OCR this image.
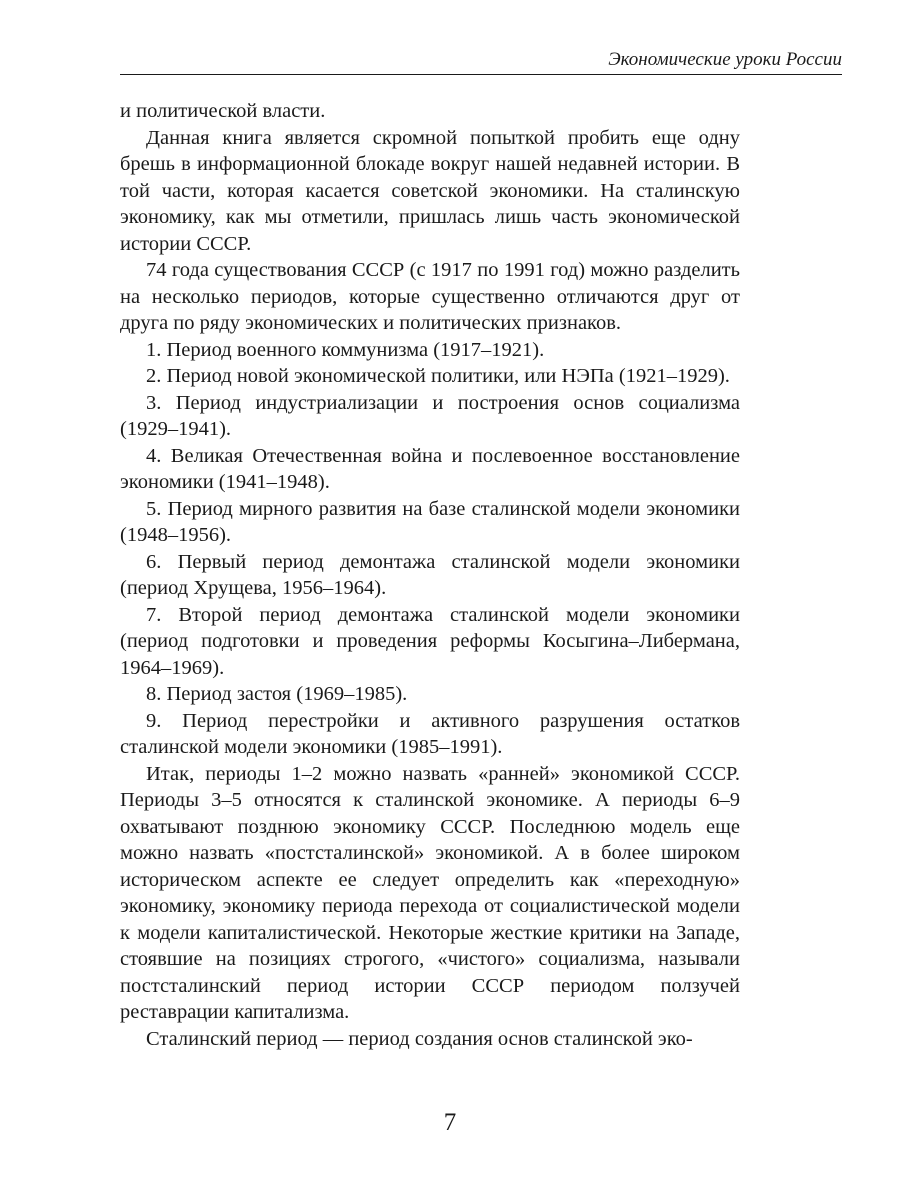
Экономические уроки России

и политической власти.

Данная книга является скромной попыткой пробить еще одну брешь в информационной блокаде вокруг нашей недавней истории. В той части, которая касается советской экономики. На сталинскую экономику, как мы отметили, пришлась лишь часть экономической истории СССР.

74 года существования СССР (с 1917 по 1991 год) можно разделить на несколько периодов, которые существенно отличаются друг от друга по ряду экономических и политических признаков.

1. Период военного коммунизма (1917–1921).

2. Период новой экономической политики, или НЭПа (1921–1929).

3. Период индустриализации и построения основ социализма (1929–1941).

4. Великая Отечественная война и послевоенное восстановление экономики (1941–1948).

5. Период мирного развития на базе сталинской модели экономики (1948–1956).

6. Первый период демонтажа сталинской модели экономики (период Хрущева, 1956–1964).

7. Второй период демонтажа сталинской модели экономики (период подготовки и проведения реформы Косыгина–Либермана, 1964–1969).

8. Период застоя (1969–1985).

9. Период перестройки и активного разрушения остатков сталинской модели экономики (1985–1991).

Итак, периоды 1–2 можно назвать «ранней» экономикой СССР. Периоды 3–5 относятся к сталинской экономике. А периоды 6–9 охватывают позднюю экономику СССР. Последнюю модель еще можно назвать «постсталинской» экономикой. А в более широком историческом аспекте ее следует определить как «переходную» экономику, экономику периода перехода от социалистической модели к модели капиталистической. Некоторые жесткие критики на Западе, стоявшие на позициях строгого, «чистого» социализма, называли постсталинский период истории СССР периодом ползучей реставрации капитализма.

Сталинский период — период создания основ сталинской эко-

7
